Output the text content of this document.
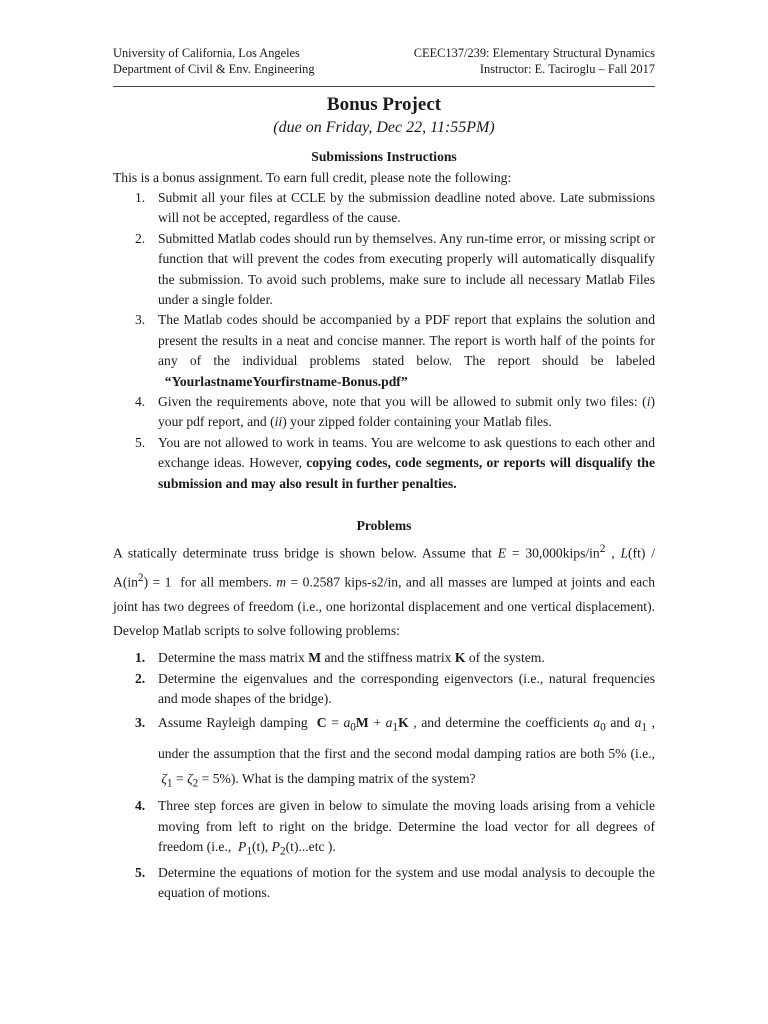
University of California, Los Angeles
Department of Civil & Env. Engineering
CEEC137/239: Elementary Structural Dynamics
Instructor: E. Taciroglu – Fall 2017
Bonus Project
(due on Friday, Dec 22, 11:55PM)
Submissions Instructions
This is a bonus assignment. To earn full credit, please note the following:
1. Submit all your files at CCLE by the submission deadline noted above. Late submissions will not be accepted, regardless of the cause.
2. Submitted Matlab codes should run by themselves. Any run-time error, or missing script or function that will prevent the codes from executing properly will automatically disqualify the submission. To avoid such problems, make sure to include all necessary Matlab Files under a single folder.
3. The Matlab codes should be accompanied by a PDF report that explains the solution and present the results in a neat and concise manner. The report is worth half of the points for any of the individual problems stated below. The report should be labeled   “YourlastnameYourfirstname-Bonus.pdf”
4. Given the requirements above, note that you will be allowed to submit only two files: (i) your pdf report, and (ii) your zipped folder containing your Matlab files.
5. You are not allowed to work in teams. You are welcome to ask questions to each other and exchange ideas. However, copying codes, code segments, or reports will disqualify the submission and may also result in further penalties.
Problems
A statically determinate truss bridge is shown below. Assume that $E = 30,000kips/in^2$ , $L(ft) / A(in^2) = 1$  for all members. m = 0.2587 kips-s2/in, and all masses are lumped at joints and each joint has two degrees of freedom (i.e., one horizontal displacement and one vertical displacement). Develop Matlab scripts to solve following problems:
1. Determine the mass matrix M and the stiffness matrix K of the system.
2. Determine the eigenvalues and the corresponding eigenvectors (i.e., natural frequencies and mode shapes of the bridge).
3. Assume Rayleigh damping  $C = a_0M + a_1K$ , and determine the coefficients $a_0$ and $a_1$ , under the assumption that the first and the second modal damping ratios are both 5% (i.e.,  $\zeta_1 = \zeta_2 = 5\%$). What is the damping matrix of the system?
4. Three step forces are given in below to simulate the moving loads arising from a vehicle moving from left to right on the bridge. Determine the load vector for all degrees of freedom (i.e.,  $P_1(t)$, $P_2(t)...etc$ ).
5. Determine the equations of motion for the system and use modal analysis to decouple the equation of motions.
